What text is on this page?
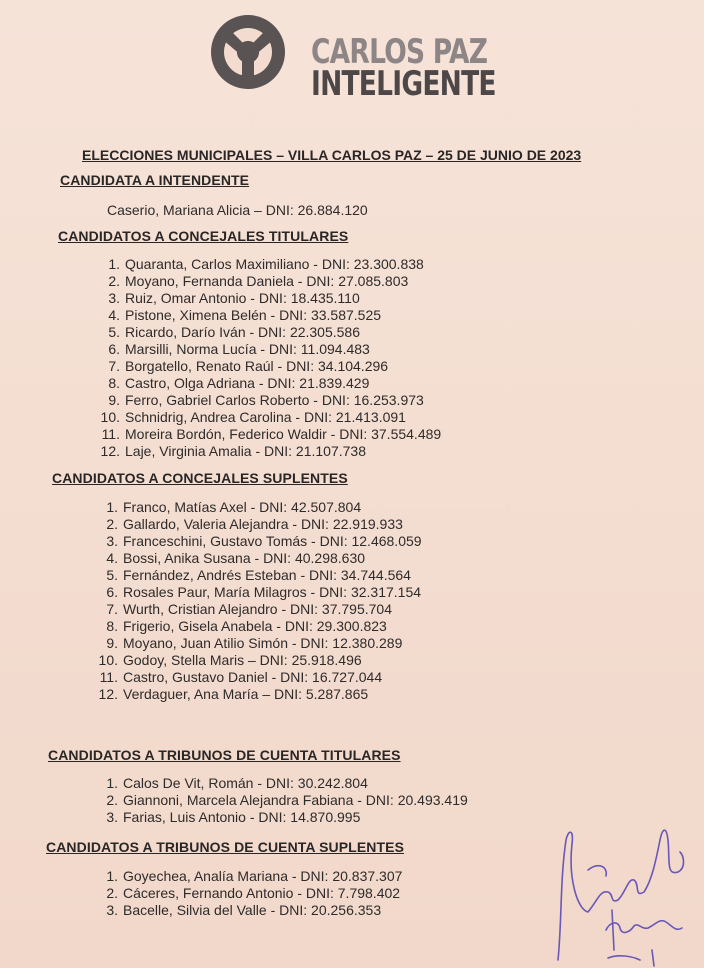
CARLOS PAZ
INTELIGENTE
ELECCIONES MUNICIPALES – VILLA CARLOS PAZ – 25 DE JUNIO DE 2023
CANDIDATA A INTENDENTE
Caserio, Mariana Alicia – DNI: 26.884.120
CANDIDATOS A CONCEJALES TITULARES
1. Quaranta, Carlos Maximiliano - DNI: 23.300.838
2. Moyano, Fernanda Daniela - DNI: 27.085.803
3. Ruiz, Omar Antonio - DNI: 18.435.110
4. Pistone, Ximena Belén - DNI: 33.587.525
5. Ricardo, Darío Iván - DNI: 22.305.586
6. Marsilli, Norma Lucía - DNI: 11.094.483
7. Borgatello, Renato Raúl - DNI: 34.104.296
8. Castro, Olga Adriana - DNI: 21.839.429
9. Ferro, Gabriel Carlos Roberto - DNI: 16.253.973
10. Schnidrig, Andrea Carolina - DNI: 21.413.091
11. Moreira Bordón, Federico Waldir - DNI: 37.554.489
12. Laje, Virginia Amalia - DNI: 21.107.738
CANDIDATOS A CONCEJALES SUPLENTES
1. Franco, Matías Axel - DNI: 42.507.804
2. Gallardo, Valeria Alejandra - DNI: 22.919.933
3. Franceschini, Gustavo Tomás - DNI: 12.468.059
4. Bossi, Anika Susana - DNI: 40.298.630
5. Fernández, Andrés Esteban - DNI: 34.744.564
6. Rosales Paur, María Milagros - DNI: 32.317.154
7. Wurth, Cristian Alejandro - DNI: 37.795.704
8. Frigerio, Gisela Anabela - DNI: 29.300.823
9. Moyano, Juan Atilio Simón - DNI: 12.380.289
10. Godoy, Stella Maris – DNI: 25.918.496
11. Castro, Gustavo Daniel - DNI: 16.727.044
12. Verdaguer, Ana María – DNI: 5.287.865
CANDIDATOS A TRIBUNOS DE CUENTA TITULARES
1. Calos De Vit, Román - DNI: 30.242.804
2. Giannoni, Marcela Alejandra Fabiana - DNI: 20.493.419
3. Farias, Luis Antonio - DNI: 14.870.995
CANDIDATOS A TRIBUNOS DE CUENTA SUPLENTES
1. Goyechea, Analía Mariana - DNI: 20.837.307
2. Cáceres, Fernando Antonio - DNI: 7.798.402
3. Bacelle, Silvia del Valle - DNI: 20.256.353
